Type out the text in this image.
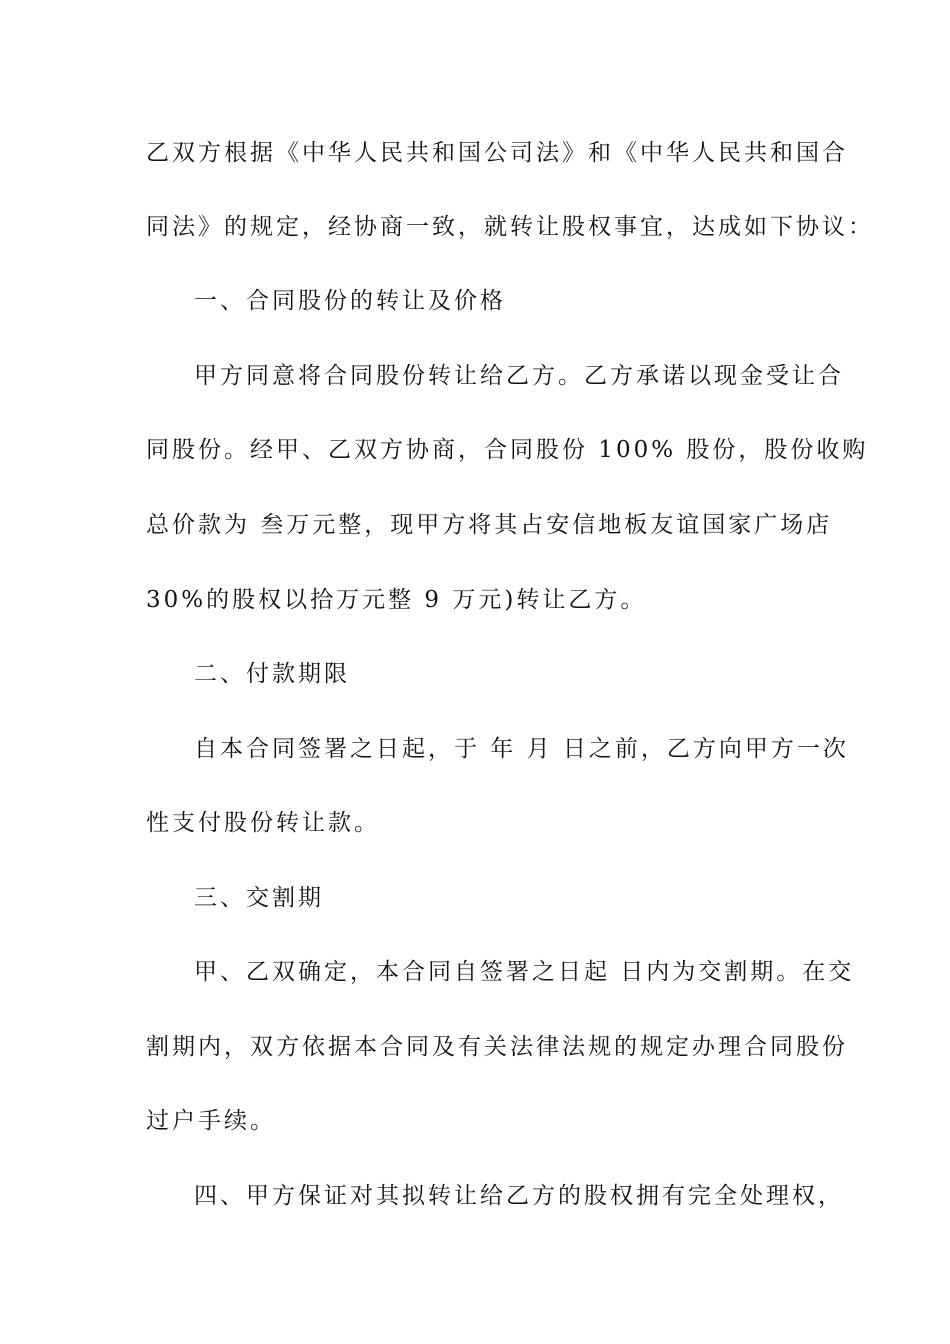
乙双方根据《中华人民共和国公司法》和《中华人民共和国合
同法》的规定，经协商一致，就转让股权事宜，达成如下协议：
一、合同股份的转让及价格
甲方同意将合同股份转让给乙方。乙方承诺以现金受让合
同股份。经甲、乙双方协商，合同股份 100% 股份，股份收购
总价款为 叁万元整，现甲方将其占安信地板友谊国家广场店
30%的股权以拾万元整 9 万元)转让乙方。
二、付款期限
自本合同签署之日起，于 年 月 日之前，乙方向甲方一次
性支付股份转让款。
三、交割期
甲、乙双确定，本合同自签署之日起 日内为交割期。在交
割期内，双方依据本合同及有关法律法规的规定办理合同股份
过户手续。
四、甲方保证对其拟转让给乙方的股权拥有完全处理权，
